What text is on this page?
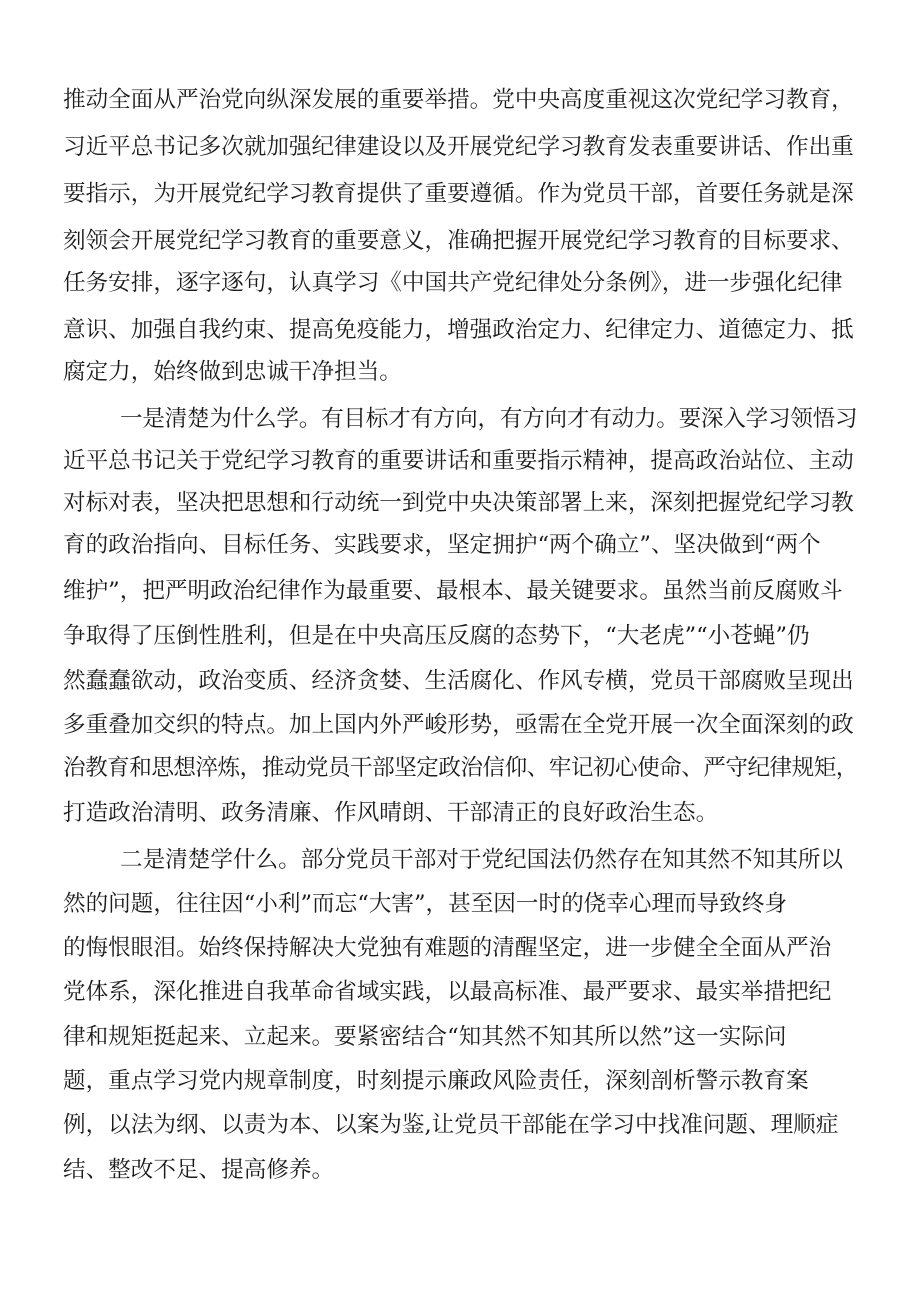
推动全面从严治党向纵深发展的重要举措。党中央高度重视这次党纪学习教育，
习近平总书记多次就加强纪律建设以及开展党纪学习教育发表重要讲话、作出重
要指示，为开展党纪学习教育提供了重要遵循。作为党员干部，首要任务就是深
刻领会开展党纪学习教育的重要意义，准确把握开展党纪学习教育的目标要求、
任务安排，逐字逐句，认真学习《中国共产党纪律处分条例》，进一步强化纪律
意识、加强自我约束、提高免疫能力，增强政治定力、纪律定力、道德定力、抵
腐定力，始终做到忠诚干净担当。
一是清楚为什么学。有目标才有方向，有方向才有动力。要深入学习领悟习
近平总书记关于党纪学习教育的重要讲话和重要指示精神，提高政治站位、主动
对标对表，坚决把思想和行动统一到党中央决策部署上来，深刻把握党纪学习教
育的政治指向、目标任务、实践要求，坚定拥护“两个确立”、坚决做到“两个
维护”，把严明政治纪律作为最重要、最根本、最关键要求。虽然当前反腐败斗
争取得了压倒性胜利，但是在中央高压反腐的态势下，“大老虎”“小苍蝇”仍
然蠢蠢欲动，政治变质、经济贪婪、生活腐化、作风专横，党员干部腐败呈现出
多重叠加交织的特点。加上国内外严峻形势，亟需在全党开展一次全面深刻的政
治教育和思想淬炼，推动党员干部坚定政治信仰、牢记初心使命、严守纪律规矩，
打造政治清明、政务清廉、作风晴朗、干部清正的良好政治生态。
二是清楚学什么。部分党员干部对于党纪国法仍然存在知其然不知其所以
然的问题，往往因“小利”而忘“大害”，甚至因一时的侥幸心理而导致终身
的悔恨眼泪。始终保持解决大党独有难题的清醒坚定，进一步健全全面从严治
党体系，深化推进自我革命省域实践，以最高标准、最严要求、最实举措把纪
律和规矩挺起来、立起来。要紧密结合“知其然不知其所以然”这一实际问
题，重点学习党内规章制度，时刻提示廉政风险责任，深刻剖析警示教育案
例，以法为纲、以责为本、以案为鉴,让党员干部能在学习中找准问题、理顺症
结、整改不足、提高修养。
